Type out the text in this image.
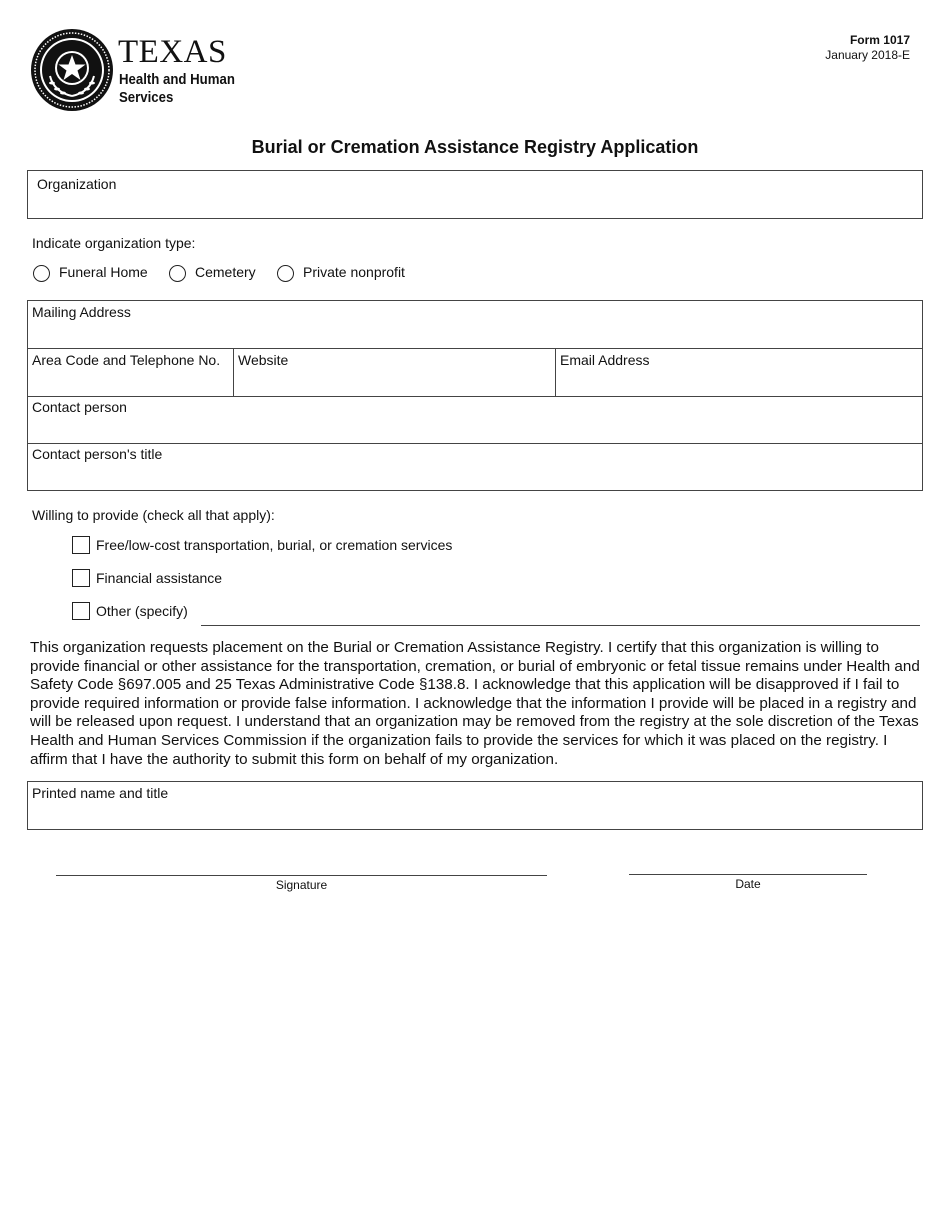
TEXAS
Health and Human
Services
Form 1017
January 2018-E
Burial or Cremation Assistance Registry Application
Organization
Indicate organization type:
Funeral Home	Cemetery	Private nonprofit
Mailing Address
Area Code and Telephone No. Website	Email Address
Contact person
Contact person's title
Willing to provide (check all that apply):
Free/low-cost transportation, burial, or cremation services
Financial assistance
Other (specify)
This organization requests placement on the Burial or Cremation Assistance Registry. I certify that this organization is willing to provide financial or other assistance for the transportation, cremation, or burial of embryonic or fetal tissue remains under Health and Safety Code §697.005 and 25 Texas Administrative Code §138.8. I acknowledge that this application will be disapproved if I fail to provide required information or provide false information. I acknowledge that the information I provide will be placed in a registry and will be released upon request. I understand that an organization may be removed from the registry at the sole discretion of the Texas Health and Human Services Commission if the organization fails to provide the services for which it was placed on the registry. I affirm that I have the authority to submit this form on behalf of my organization.
Printed name and title
Signature	Date
